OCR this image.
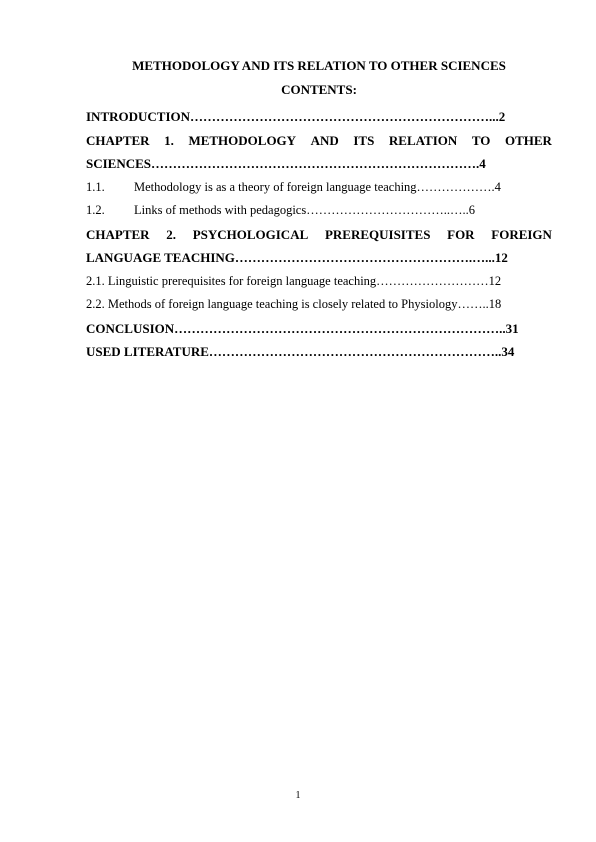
METHODOLOGY AND ITS RELATION TO OTHER SCIENCES
CONTENTS:
INTRODUCTION……………………………………………………………...2
CHAPTER 1. METHODOLOGY AND ITS RELATION TO OTHER
SCIENCES………………………………………………………………….4
1.1. Methodology is as a theory of foreign language teaching……………….4
1.2. Links of methods with pedagogics……………………………..…..6
CHAPTER 2. PSYCHOLOGICAL PREREQUISITES FOR FOREIGN
LANGUAGE TEACHING……………………………………………….…...12
2.1. Linguistic prerequisites for foreign language teaching………………………12
2.2. Methods of foreign language teaching is closely related to Physiology……..18
CONCLUSION…………………………………………………………………..31
USED LITERATURE…………………………………………………………..34
1
